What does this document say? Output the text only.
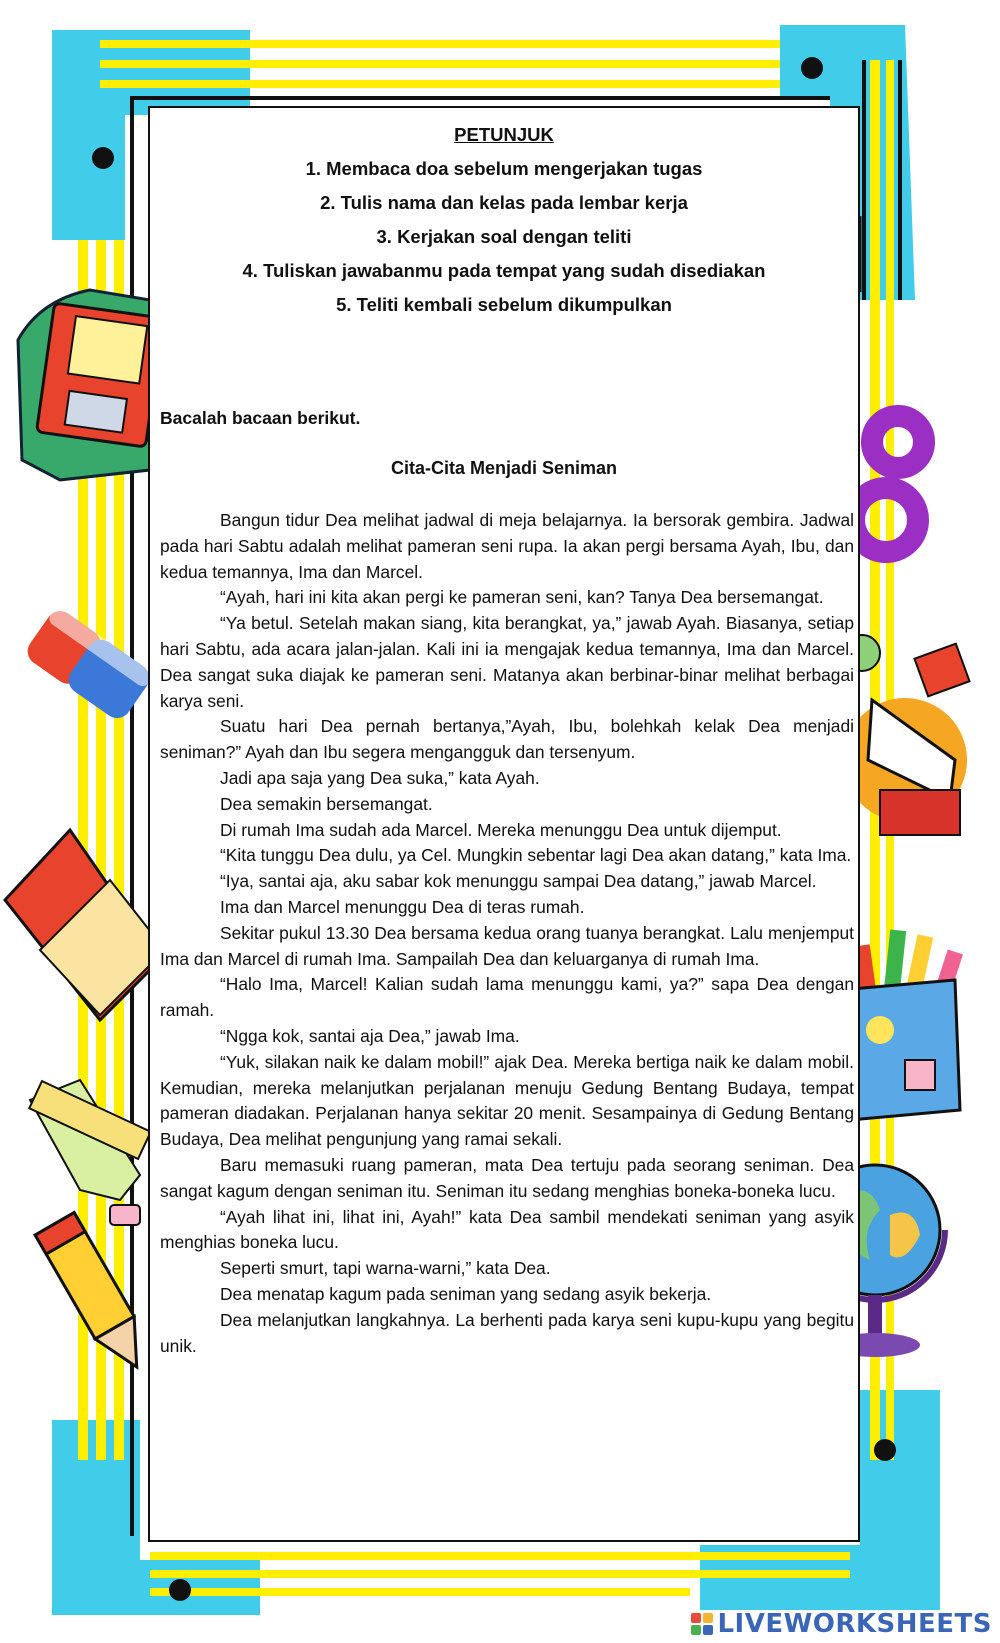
PETUNJUK
1. Membaca doa sebelum mengerjakan tugas
2. Tulis nama dan kelas pada lembar kerja
3. Kerjakan soal dengan teliti
4. Tuliskan jawabanmu pada tempat yang sudah disediakan
5. Teliti kembali sebelum dikumpulkan
Bacalah bacaan berikut.
Cita-Cita Menjadi Seniman

Bangun tidur Dea melihat jadwal di meja belajarnya. Ia bersorak gembira. Jadwal pada hari Sabtu adalah melihat pameran seni rupa. Ia akan pergi bersama Ayah, Ibu, dan kedua temannya, Ima dan Marcel.

“Ayah, hari ini kita akan pergi ke pameran seni, kan? Tanya Dea bersemangat.

“Ya betul. Setelah makan siang, kita berangkat, ya,” jawab Ayah. Biasanya, setiap hari Sabtu, ada acara jalan-jalan. Kali ini ia mengajak kedua temannya, Ima dan Marcel. Dea sangat suka diajak ke pameran seni. Matanya akan berbinar-binar melihat berbagai karya seni.

Suatu hari Dea pernah bertanya,”Ayah, Ibu, bolehkah kelak Dea menjadi seniman?” Ayah dan Ibu segera mengangguk dan tersenyum.

Jadi apa saja yang Dea suka,” kata Ayah.

Dea semakin bersemangat.

Di rumah Ima sudah ada Marcel. Mereka menunggu Dea untuk dijemput.

“Kita tunggu Dea dulu, ya Cel. Mungkin sebentar lagi Dea akan datang,” kata Ima.

“Iya, santai aja, aku sabar kok menunggu sampai Dea datang,” jawab Marcel.

Ima dan Marcel menunggu Dea di teras rumah.

Sekitar pukul 13.30 Dea bersama kedua orang tuanya berangkat. Lalu menjemput Ima dan Marcel di rumah Ima. Sampailah Dea dan keluarganya di rumah Ima.

“Halo Ima, Marcel! Kalian sudah lama menunggu kami, ya?” sapa Dea dengan ramah.

“Ngga kok, santai aja Dea,” jawab Ima.

“Yuk, silakan naik ke dalam mobil!” ajak Dea. Mereka bertiga naik ke dalam mobil. Kemudian, mereka melanjutkan perjalanan menuju Gedung Bentang Budaya, tempat pameran diadakan. Perjalanan hanya sekitar 20 menit. Sesampainya di Gedung Bentang Budaya, Dea melihat pengunjung yang ramai sekali.

Baru memasuki ruang pameran, mata Dea tertuju pada seorang seniman. Dea sangat kagum dengan seniman itu. Seniman itu sedang menghias boneka-boneka lucu.

“Ayah lihat ini, lihat ini, Ayah!” kata Dea sambil mendekati seniman yang asyik menghias boneka lucu.

Seperti smurt, tapi warna-warni,” kata Dea.

Dea menatap kagum pada seniman yang sedang asyik bekerja.

Dea melanjutkan langkahnya. La berhenti pada karya seni kupu-kupu yang begitu unik.

LIVEWORKSHEETS
